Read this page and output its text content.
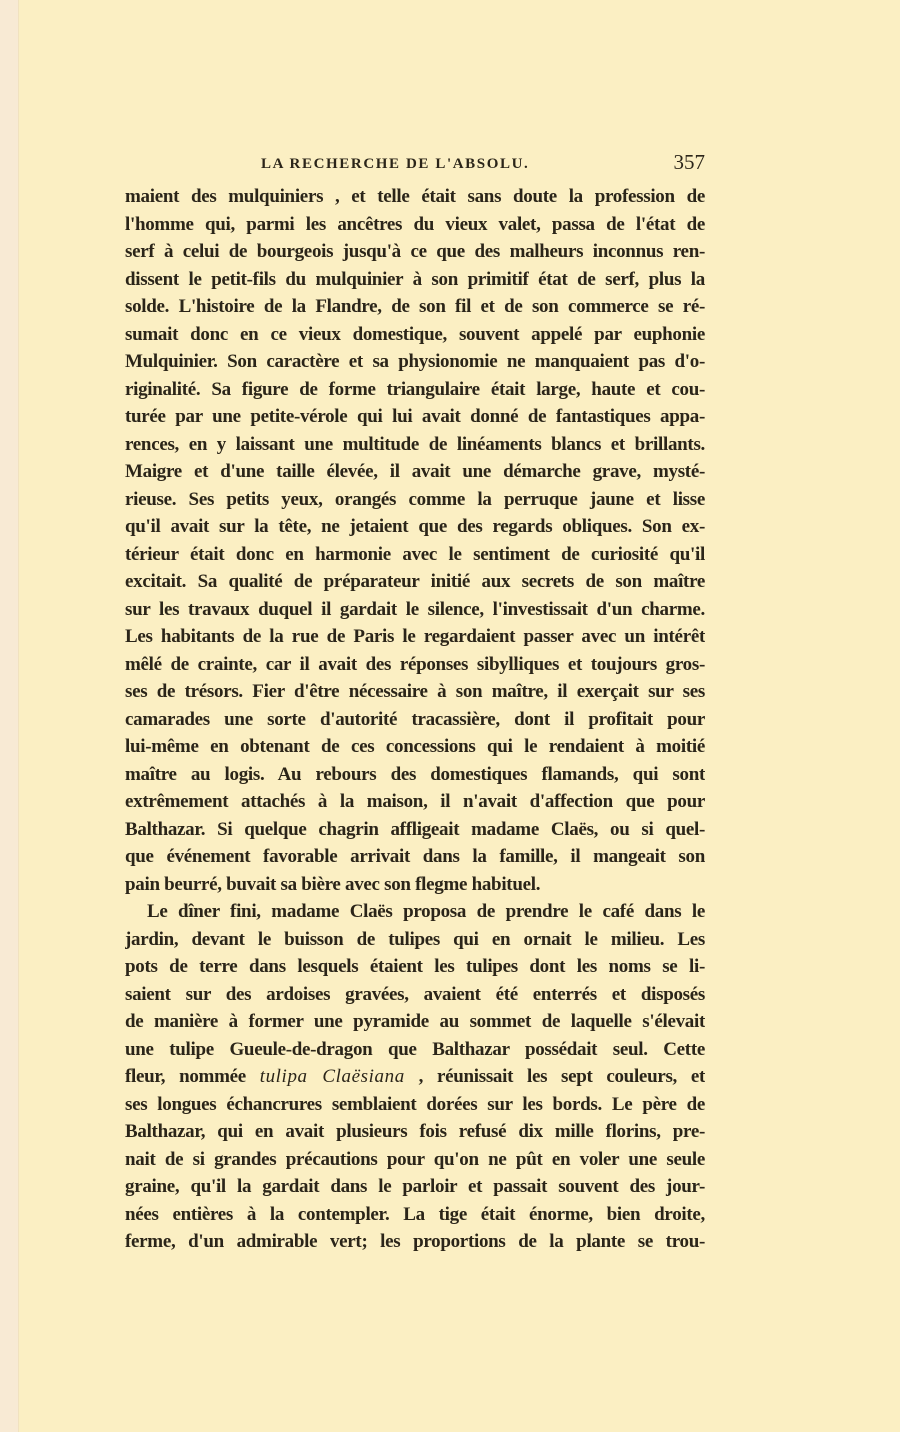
LA RECHERCHE DE L'ABSOLU.	357
maient des mulquiniers , et telle était sans doute la profession de
l'homme qui, parmi les ancêtres du vieux valet, passa de l'état de
serf à celui de bourgeois jusqu'à ce que des malheurs inconnus ren-
dissent le petit-fils du mulquinier à son primitif état de serf, plus la
solde. L'histoire de la Flandre, de son fil et de son commerce se ré-
sumait donc en ce vieux domestique, souvent appelé par euphonie
Mulquinier. Son caractère et sa physionomie ne manquaient pas d'o-
riginalité. Sa figure de forme triangulaire était large, haute et cou-
turée par une petite-vérole qui lui avait donné de fantastiques appa-
rences, en y laissant une multitude de linéaments blancs et brillants.
Maigre et d'une taille élevée, il avait une démarche grave, mysté-
rieuse. Ses petits yeux, orangés comme la perruque jaune et lisse
qu'il avait sur la tête, ne jetaient que des regards obliques. Son ex-
térieur était donc en harmonie avec le sentiment de curiosité qu'il
excitait. Sa qualité de préparateur initié aux secrets de son maître
sur les travaux duquel il gardait le silence, l'investissait d'un charme.
Les habitants de la rue de Paris le regardaient passer avec un intérêt
mêlé de crainte, car il avait des réponses sibylliques et toujours gros-
ses de trésors. Fier d'être nécessaire à son maître, il exerçait sur ses
camarades une sorte d'autorité tracassière, dont il profitait pour
lui-même en obtenant de ces concessions qui le rendaient à moitié
maître au logis. Au rebours des domestiques flamands, qui sont
extrêmement attachés à la maison, il n'avait d'affection que pour
Balthazar. Si quelque chagrin affligeait madame Claës, ou si quel-
que événement favorable arrivait dans la famille, il mangeait son
pain beurré, buvait sa bière avec son flegme habituel.
Le dîner fini, madame Claës proposa de prendre le café dans le
jardin, devant le buisson de tulipes qui en ornait le milieu. Les
pots de terre dans lesquels étaient les tulipes dont les noms se li-
saient sur des ardoises gravées, avaient été enterrés et disposés
de manière à former une pyramide au sommet de laquelle s'élevait
une tulipe Gueule-de-dragon que Balthazar possédait seul. Cette
fleur, nommée tulipa Claësiana , réunissait les sept couleurs, et
ses longues échancrures semblaient dorées sur les bords. Le père de
Balthazar, qui en avait plusieurs fois refusé dix mille florins, pre-
nait de si grandes précautions pour qu'on ne pût en voler une seule
graine, qu'il la gardait dans le parloir et passait souvent des jour-
nées entières à la contempler. La tige était énorme, bien droite,
ferme, d'un admirable vert; les proportions de la plante se trou-
